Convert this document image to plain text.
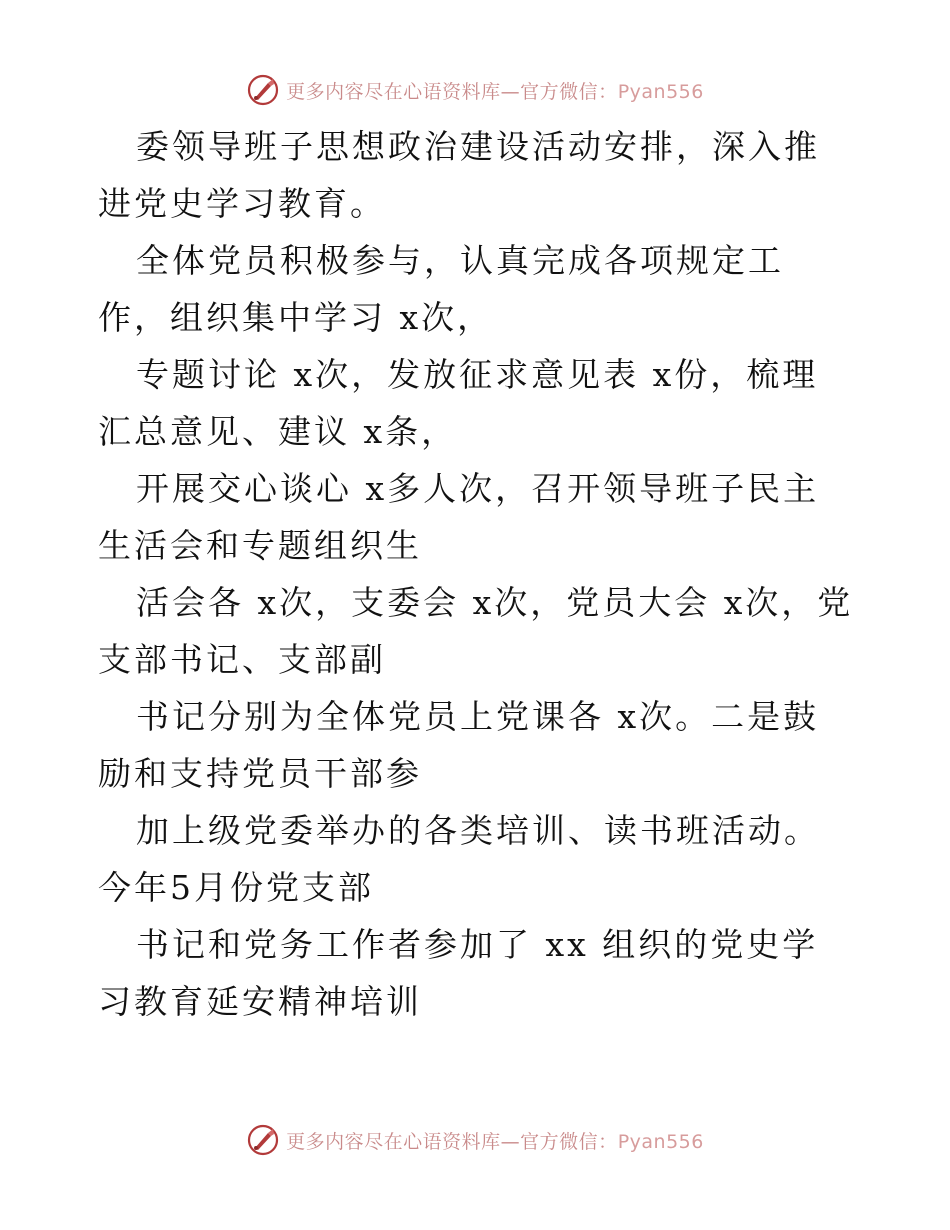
更多内容尽在心语资料库—官方微信：Pyan556

委领导班子思想政治建设活动安排，深入推进党史学习教育。

全体党员积极参与，认真完成各项规定工作，组织集中学习 x次，

专题讨论 x次，发放征求意见表 x份，梳理汇总意见、建议 x条，

开展交心谈心 x多人次，召开领导班子民主生活会和专题组织生

活会各 x次，支委会 x次，党员大会 x次，党支部书记、支部副

书记分别为全体党员上党课各 x次。二是鼓励和支持党员干部参

加上级党委举办的各类培训、读书班活动。今年5月份党支部

书记和党务工作者参加了 xx 组织的党史学习教育延安精神培训

更多内容尽在心语资料库—官方微信：Pyan556
